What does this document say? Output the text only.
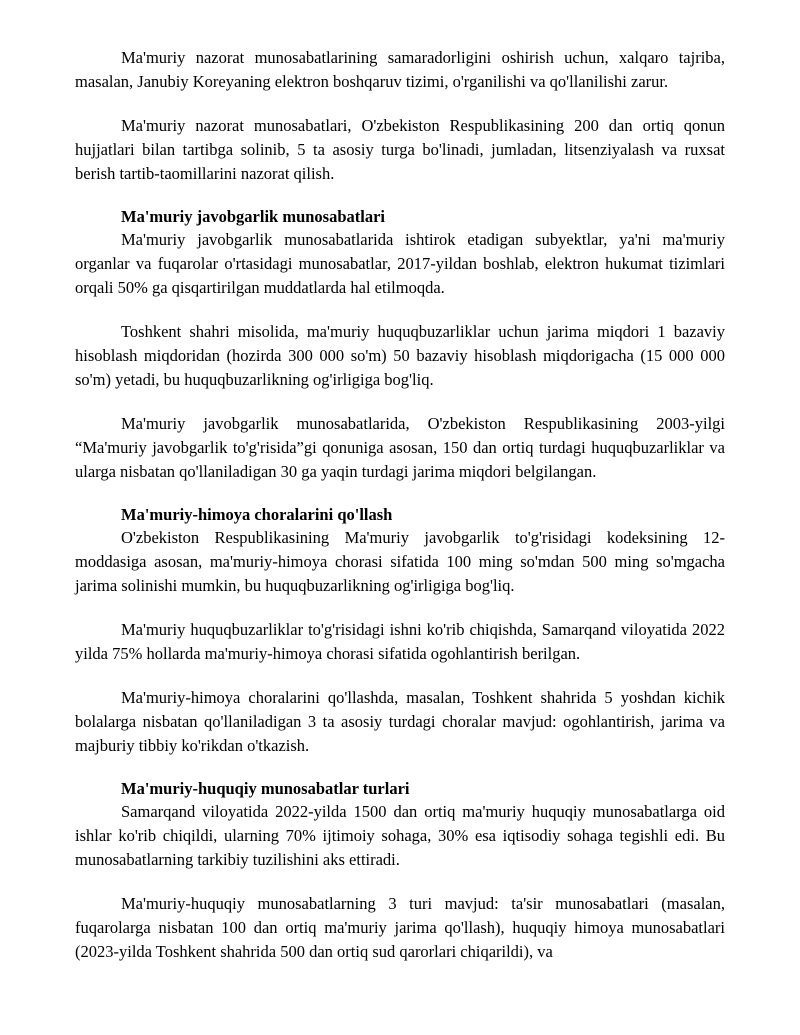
Ma'muriy nazorat munosabatlarining samaradorligini oshirish uchun, xalqaro tajriba, masalan, Janubiy Koreyaning elektron boshqaruv tizimi, o'rganilishi va qo'llanilishi zarur.

Ma'muriy nazorat munosabatlari, O'zbekiston Respublikasining 200 dan ortiq qonun hujjatlari bilan tartibga solinib, 5 ta asosiy turga bo'linadi, jumladan, litsenziyalash va ruxsat berish tartib-taomillarini nazorat qilish.

Ma'muriy javobgarlik munosabatlari

Ma'muriy javobgarlik munosabatlarida ishtirok etadigan subyektlar, ya'ni ma'muriy organlar va fuqarolar o'rtasidagi munosabatlar, 2017-yildan boshlab, elektron hukumat tizimlari orqali 50% ga qisqartirilgan muddatlarda hal etilmoqda.

Toshkent shahri misolida, ma'muriy huquqbuzarliklar uchun jarima miqdori 1 bazaviy hisoblash miqdoridan (hozirda 300 000 so'm) 50 bazaviy hisoblash miqdorigacha (15 000 000 so'm) yetadi, bu huquqbuzarlikning og'irligiga bog'liq.

Ma'muriy javobgarlik munosabatlarida, O'zbekiston Respublikasining 2003-yilgi “Ma'muriy javobgarlik to'g'risida”gi qonuniga asosan, 150 dan ortiq turdagi huquqbuzarliklar va ularga nisbatan qo'llaniladigan 30 ga yaqin turdagi jarima miqdori belgilangan.

Ma'muriy-himoya choralarini qo'llash

O'zbekiston Respublikasining Ma'muriy javobgarlik to'g'risidagi kodeksining 12-moddasiga asosan, ma'muriy-himoya chorasi sifatida 100 ming so'mdan 500 ming so'mgacha jarima solinishi mumkin, bu huquqbuzarlikning og'irligiga bog'liq.

Ma'muriy huquqbuzarliklar to'g'risidagi ishni ko'rib chiqishda, Samarqand viloyatida 2022 yilda 75% hollarda ma'muriy-himoya chorasi sifatida ogohlantirish berilgan.

Ma'muriy-himoya choralarini qo'llashda, masalan, Toshkent shahrida 5 yoshdan kichik bolalarga nisbatan qo'llaniladigan 3 ta asosiy turdagi choralar mavjud: ogohlantirish, jarima va majburiy tibbiy ko'rikdan o'tkazish.

Ma'muriy-huquqiy munosabatlar turlari

Samarqand viloyatida 2022-yilda 1500 dan ortiq ma'muriy huquqiy munosabatlarga oid ishlar ko'rib chiqildi, ularning 70% ijtimoiy sohaga, 30% esa iqtisodiy sohaga tegishli edi. Bu munosabatlarning tarkibiy tuzilishini aks ettiradi.

Ma'muriy-huquqiy munosabatlarning 3 turi mavjud: ta'sir munosabatlari (masalan, fuqarolarga nisbatan 100 dan ortiq ma'muriy jarima qo'llash), huquqiy himoya munosabatlari (2023-yilda Toshkent shahrida 500 dan ortiq sud qarorlari chiqarildi), va
